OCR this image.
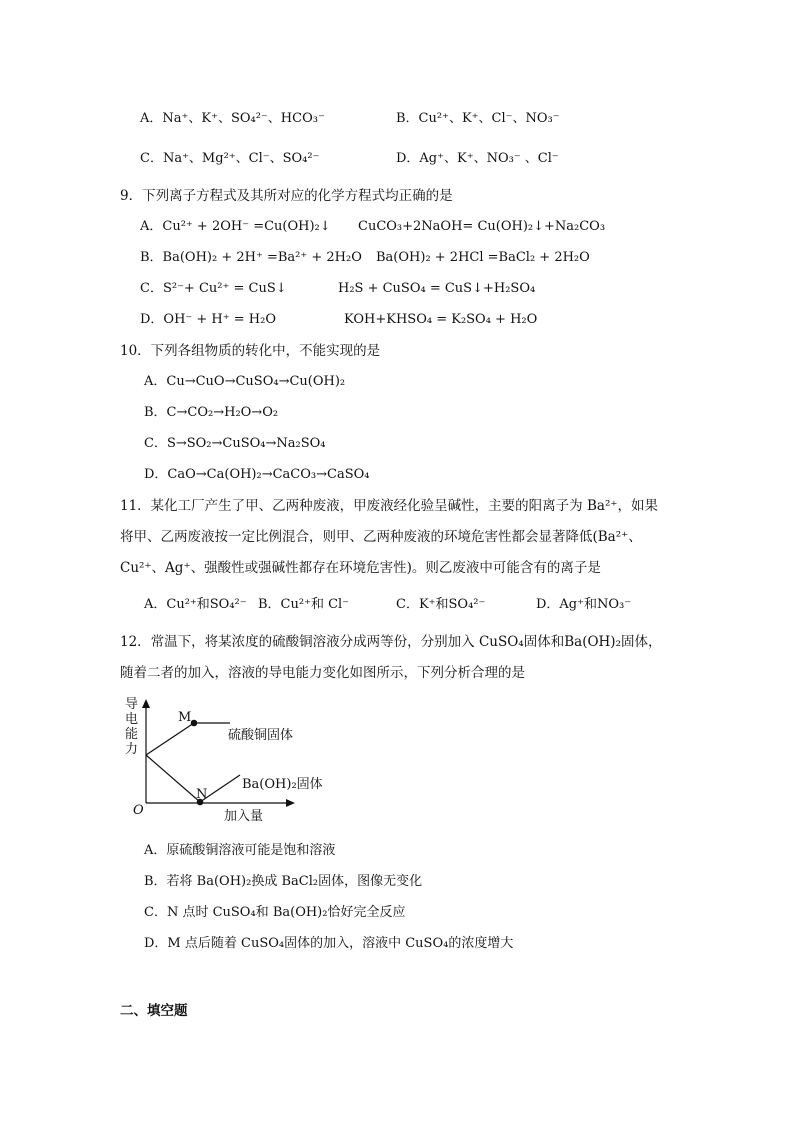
A．Na⁺、K⁺、SO₄²⁻、HCO₃⁻	B．Cu²⁺、K⁺、Cl⁻、NO₃⁻
C．Na⁺、Mg²⁺、Cl⁻、SO₄²⁻	D．Ag⁺、K⁺、NO₃⁻ 、Cl⁻
9．下列离子方程式及其所对应的化学方程式均正确的是
A．Cu²⁺ + 2OH⁻ =Cu(OH)₂↓ CuCO₃+2NaOH= Cu(OH)₂↓+Na₂CO₃
B．Ba(OH)₂ + 2H⁺ =Ba²⁺ + 2H₂O Ba(OH)₂ + 2HCl =BaCl₂ + 2H₂O
C．S²⁻+ Cu²⁺ = CuS↓	H₂S + CuSO₄ = CuS↓+H₂SO₄
D．OH⁻ + H⁺ = H₂O	KOH+KHSO₄ = K₂SO₄ + H₂O
10．下列各组物质的转化中，不能实现的是
A．Cu→CuO→CuSO₄→Cu(OH)₂
B．C→CO₂→H₂O→O₂
C．S→SO₂→CuSO₄→Na₂SO₄
D．CaO→Ca(OH)₂→CaCO₃→CaSO₄
11．某化工厂产生了甲、乙两种废液，甲废液经化验呈碱性，主要的阳离子为 Ba²⁺，如果
将甲、乙两废液按一定比例混合，则甲、乙两种废液的环境危害性都会显著降低(Ba²⁺、
Cu²⁺、Ag⁺、强酸性或强碱性都存在环境危害性)。则乙废液中可能含有的离子是
A．Cu²⁺和SO₄²⁻ B．Cu²⁺和 Cl⁻	C．K⁺和SO₄²⁻	D．Ag⁺和NO₃⁻
12．常温下，将某浓度的硫酸铜溶液分成两等份，分别加入 CuSO₄固体和Ba(OH)₂固体，
随着二者的加入，溶液的导电能力变化如图所示，下列分析合理的是
导
电
能
力
M
硫酸铜固体
Ba(OH)₂固体
N
O	加入量
A．原硫酸铜溶液可能是饱和溶液
B．若将 Ba(OH)₂换成 BaCl₂固体，图像无变化
C．N 点时 CuSO₄和 Ba(OH)₂恰好完全反应
D．M 点后随着 CuSO₄固体的加入，溶液中 CuSO₄的浓度增大
二、填空题
